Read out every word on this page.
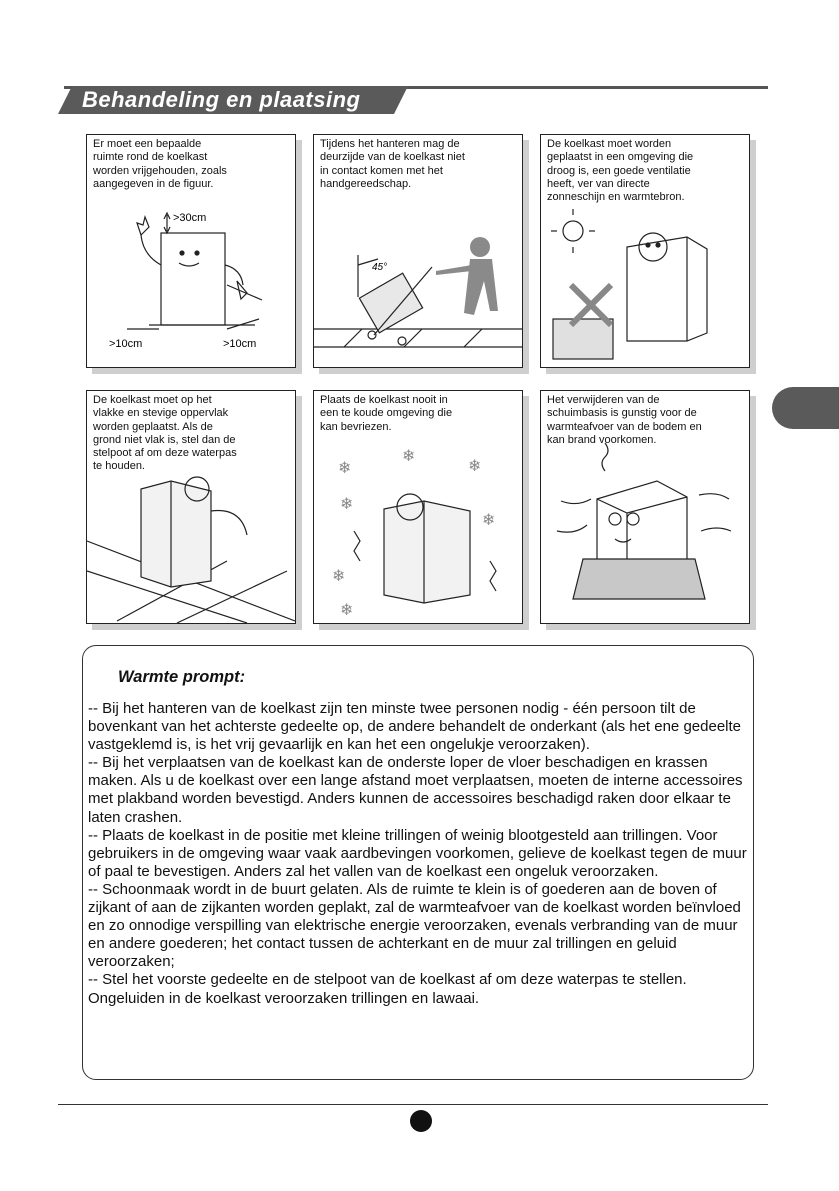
Behandeling en plaatsing
Er moet een bepaalde
ruimte rond de koelkast
worden vrijgehouden, zoals
aangegeven in de figuur.
>30cm
>10cm	>10cm
Tijdens het hanteren mag de
deurzijde van de koelkast niet
in contact komen met het
handgereedschap.
45°
De koelkast moet worden
geplaatst in een omgeving die
droog is, een goede ventilatie
heeft, ver van directe
zonneschijn en warmtebron.
De koelkast moet op het
vlakke en stevige oppervlak
worden geplaatst. Als de
grond niet vlak is, stel dan de
stelpoot af om deze waterpas
te houden.
Plaats de koelkast nooit in
een te koude omgeving die
kan bevriezen.
❄
❄
❄
❄
❄
❄
❄
Het verwijderen van de
schuimbasis is gunstig voor de
warmteafvoer van de bodem en
kan brand voorkomen.
Warmte prompt:

-- Bij het hanteren van de koelkast zijn ten minste twee personen nodig - één persoon tilt de bovenkant van het achterste gedeelte op, de andere behandelt de onderkant (als het ene gedeelte vastgeklemd is, is het vrij gevaarlijk en kan het een ongelukje veroorzaken).

-- Bij het verplaatsen van de koelkast kan de onderste loper de vloer beschadigen en krassen maken. Als u de koelkast over een lange afstand moet verplaatsen, moeten de interne accessoires met plakband worden bevestigd. Anders kunnen de accessoires beschadigd raken door elkaar te laten crashen.

-- Plaats de koelkast in de positie met kleine trillingen of weinig blootgesteld aan trillingen. Voor gebruikers in de omgeving waar vaak aardbevingen voorkomen, gelieve de koelkast tegen de muur of paal te bevestigen. Anders zal het vallen van de koelkast een ongeluk veroorzaken.

-- Schoonmaak wordt in de buurt gelaten. Als de ruimte te klein is of goederen aan de boven of zijkant of aan de zijkanten worden geplakt, zal de warmteafvoer van de koelkast worden beïnvloed en zo onnodige verspilling van elektrische energie veroorzaken, evenals verbranding van de muur en andere goederen; het contact tussen de achterkant en de muur zal trillingen en geluid veroorzaken;

-- Stel het voorste gedeelte en de stelpoot van de koelkast af om deze waterpas te stellen. Ongeluiden in de koelkast veroorzaken trillingen en lawaai.
